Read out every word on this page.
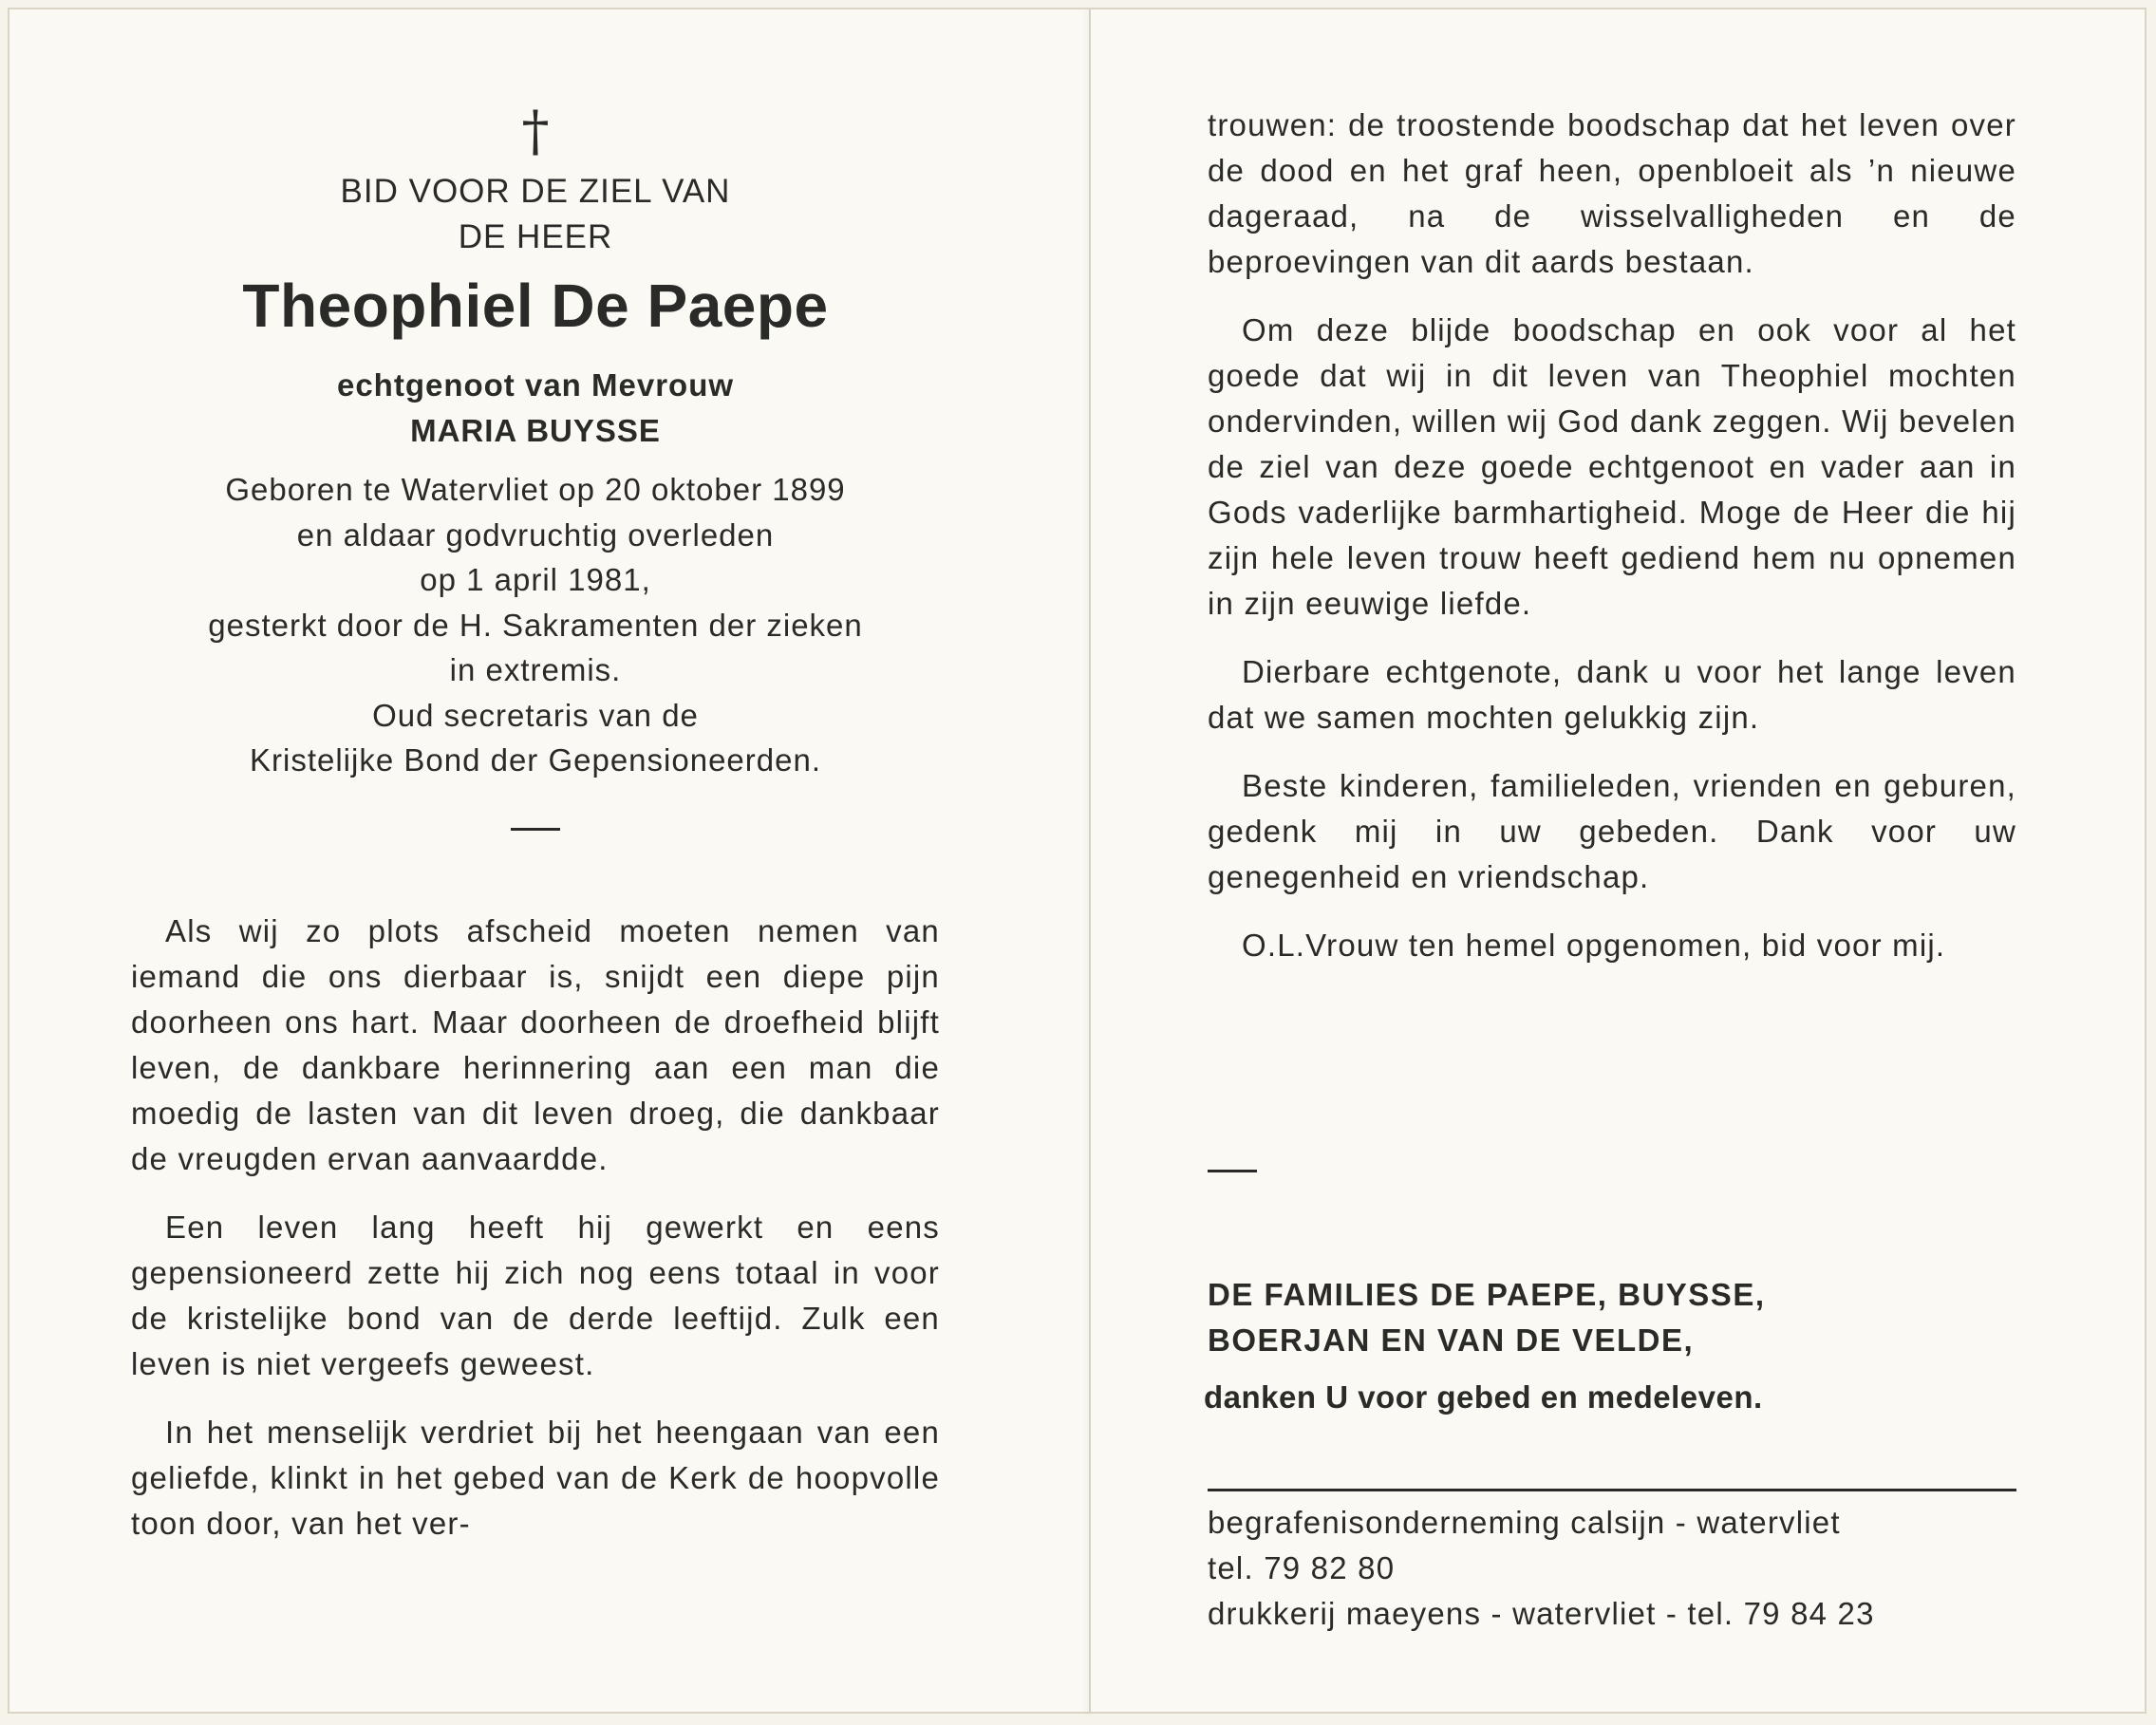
†
BID VOOR DE ZIEL VAN
DE HEER
Theophiel De Paepe
echtgenoot van Mevrouw
MARIA BUYSSE
Geboren te Watervliet op 20 oktober 1899
en aldaar godvruchtig overleden
op 1 april 1981,
gesterkt door de H. Sakramenten der zieken
in extremis.
Oud secretaris van de
Kristelijke Bond der Gepensioneerden.

Als wij zo plots afscheid moeten nemen van iemand die ons dierbaar is, snijdt een diepe pijn doorheen ons hart. Maar doorheen de droefheid blijft leven, de dankbare herinnering aan een man die moedig de lasten van dit leven droeg, die dankbaar de vreugden ervan aanvaardde.

Een leven lang heeft hij gewerkt en eens gepensioneerd zette hij zich nog eens totaal in voor de kristelijke bond van de derde leeftijd. Zulk een leven is niet vergeefs geweest.

In het menselijk verdriet bij het heengaan van een geliefde, klinkt in het gebed van de Kerk de hoopvolle toon door, van het ver-

trouwen: de troostende boodschap dat het leven over de dood en het graf heen, openbloeit als ’n nieuwe dageraad, na de wisselvalligheden en de beproevingen van dit aards bestaan.

Om deze blijde boodschap en ook voor al het goede dat wij in dit leven van Theophiel mochten ondervinden, willen wij God dank zeggen. Wij bevelen de ziel van deze goede echtgenoot en vader aan in Gods vaderlijke barmhartigheid. Moge de Heer die hij zijn hele leven trouw heeft gediend hem nu opnemen in zijn eeuwige liefde.

Dierbare echtgenote, dank u voor het lange leven dat we samen mochten gelukkig zijn.

Beste kinderen, familieleden, vrienden en geburen, gedenk mij in uw gebeden. Dank voor uw genegenheid en vriendschap.

O.L.Vrouw ten hemel opgenomen, bid voor mij.

DE FAMILIES DE PAEPE, BUYSSE,
BOERJAN EN VAN DE VELDE,
danken U voor gebed en medeleven.
begrafenisonderneming calsijn - watervliet
tel. 79 82 80
drukkerij maeyens - watervliet - tel. 79 84 23
